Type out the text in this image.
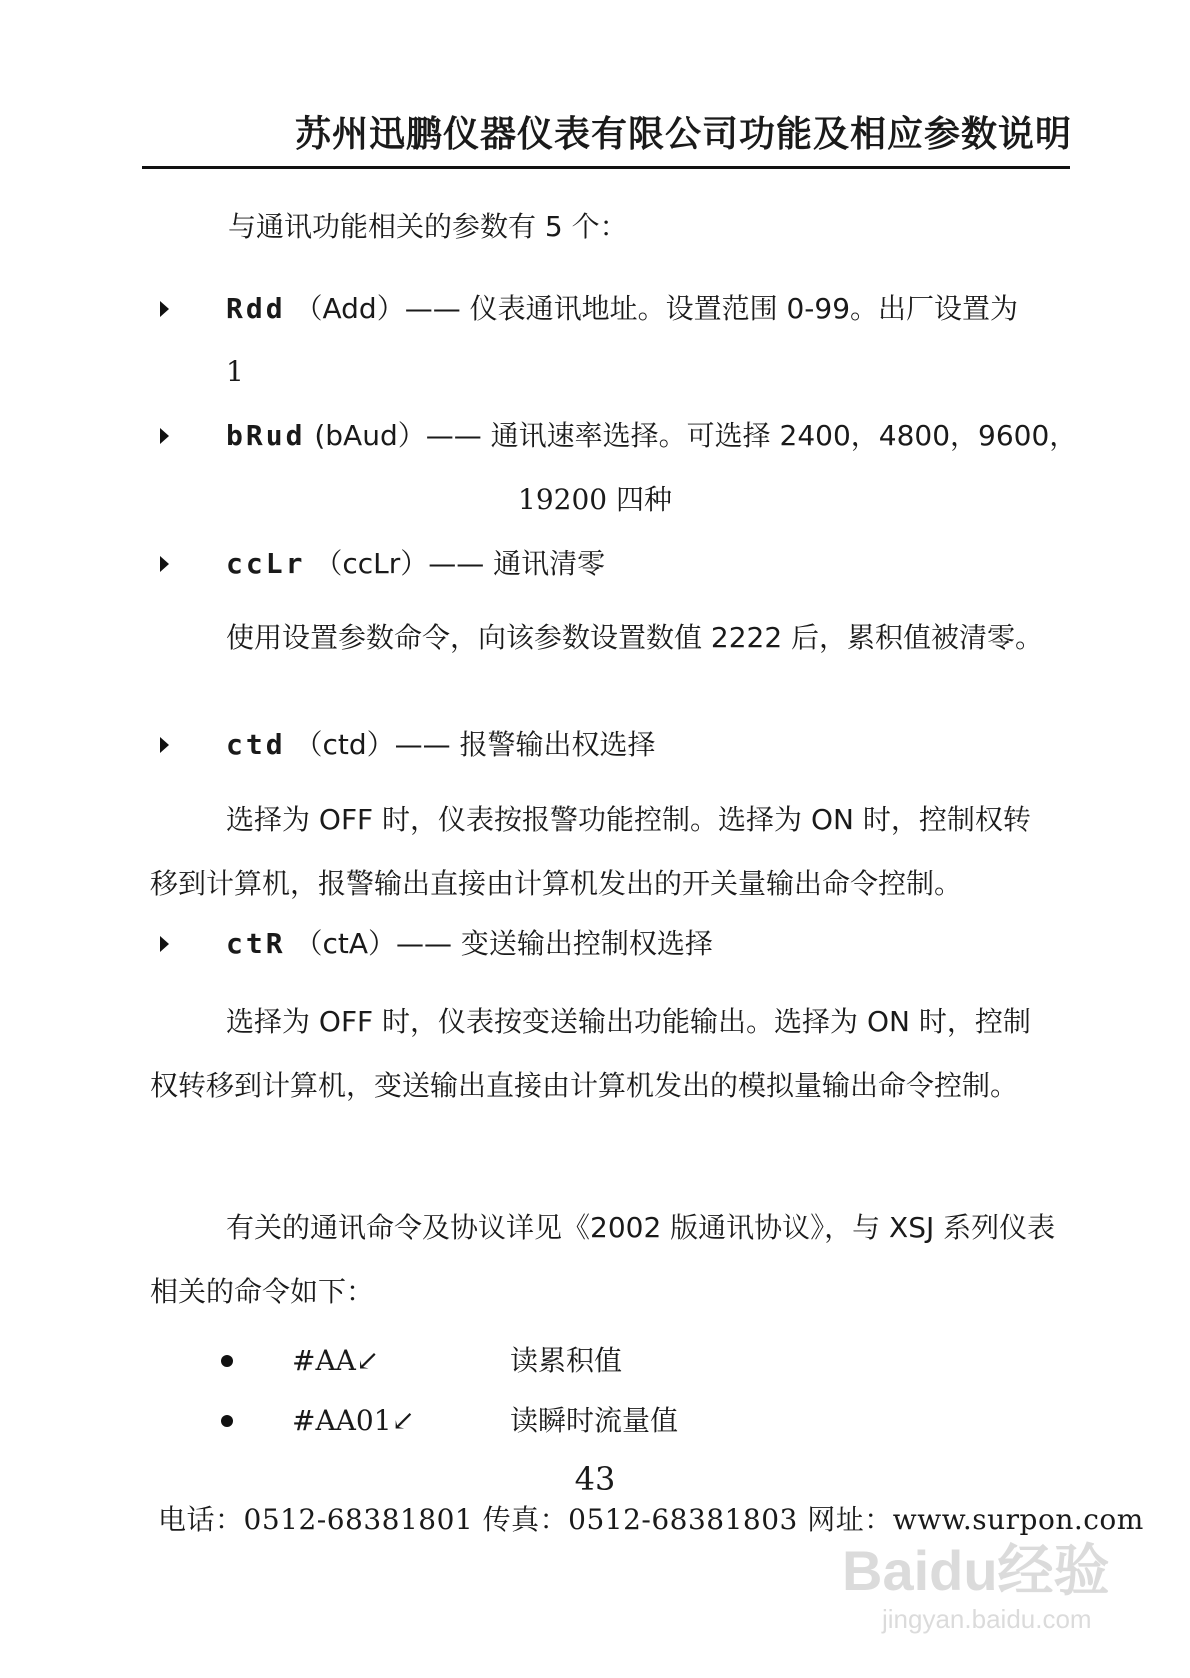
苏州迅鹏仪器仪表有限公司功能及相应参数说明
与通讯功能相关的参数有 5 个：
Rdd （Add）—— 仪表通讯地址。设置范围 0-99。出厂设置为
1
bRud (bAud）—— 通讯速率选择。可选择 2400，4800，9600，
19200 四种
ccLr （ccLr）—— 通讯清零
使用设置参数命令，向该参数设置数值 2222 后，累积值被清零。
ctd （ctd）—— 报警输出权选择
选择为 OFF 时，仪表按报警功能控制。选择为 ON 时，控制权转移到计算机，报警输出直接由计算机发出的开关量输出命令控制。
ctR （ctA）—— 变送输出控制权选择
选择为 OFF 时，仪表按变送输出功能输出。选择为 ON 时，控制权转移到计算机，变送输出直接由计算机发出的模拟量输出命令控制。
有关的通讯命令及协议详见《2002 版通讯协议》，与 XSJ 系列仪表相关的命令如下：
#AA↙	读累积值
#AA01↙	读瞬时流量值
43
电话：0512-68381801 传真：0512-68381803 网址：www.surpon.com
Baidu经验
jingyan.baidu.com
